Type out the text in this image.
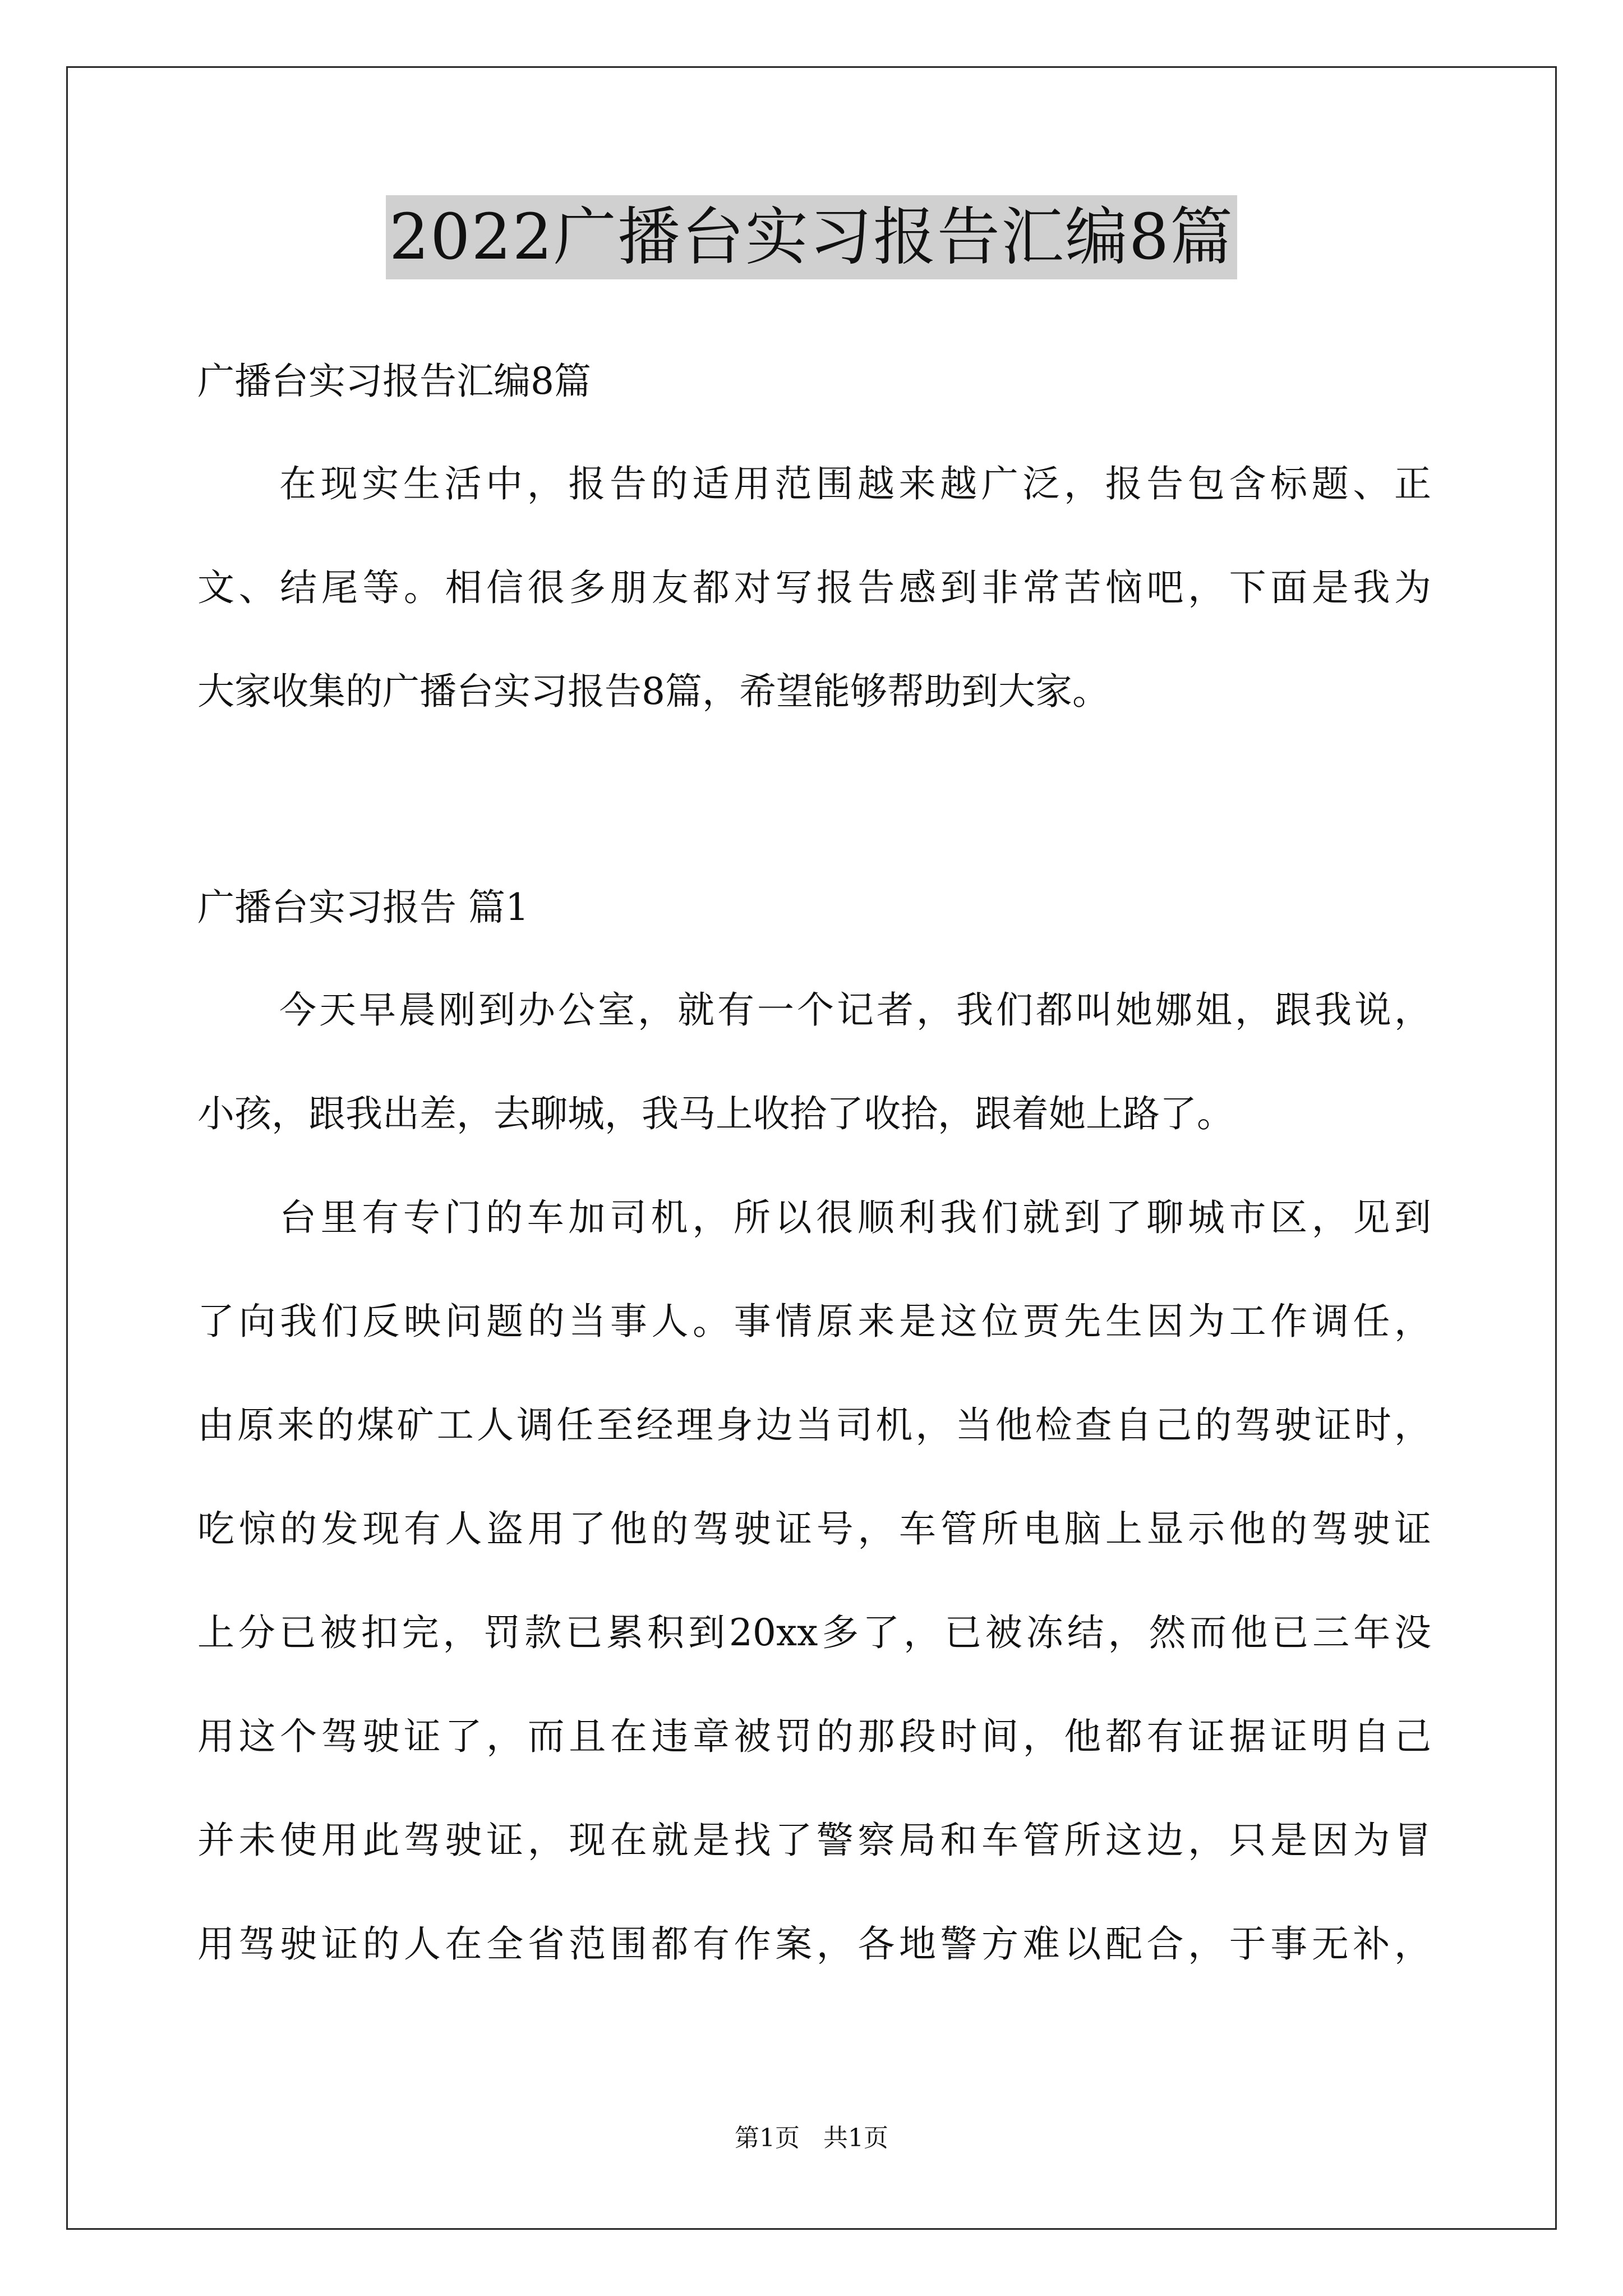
2022广播台实习报告汇编8篇

广播台实习报告汇编8篇

在现实生活中，报告的适用范围越来越广泛，报告包含标题、正

文、结尾等。相信很多朋友都对写报告感到非常苦恼吧，下面是我为

大家收集的广播台实习报告8篇，希望能够帮助到大家。

广播台实习报告 篇1

今天早晨刚到办公室，就有一个记者，我们都叫她娜姐，跟我说，

小孩，跟我出差，去聊城，我马上收拾了收拾，跟着她上路了。

台里有专门的车加司机，所以很顺利我们就到了聊城市区，见到

了向我们反映问题的当事人。事情原来是这位贾先生因为工作调任，

由原来的煤矿工人调任至经理身边当司机，当他检查自己的驾驶证时，

吃惊的发现有人盗用了他的驾驶证号，车管所电脑上显示他的驾驶证

上分已被扣完，罚款已累积到20xx多了，已被冻结，然而他已三年没

用这个驾驶证了，而且在违章被罚的那段时间，他都有证据证明自己

并未使用此驾驶证，现在就是找了警察局和车管所这边，只是因为冒

用驾驶证的人在全省范围都有作案，各地警方难以配合，于事无补，

第1页   共1页
